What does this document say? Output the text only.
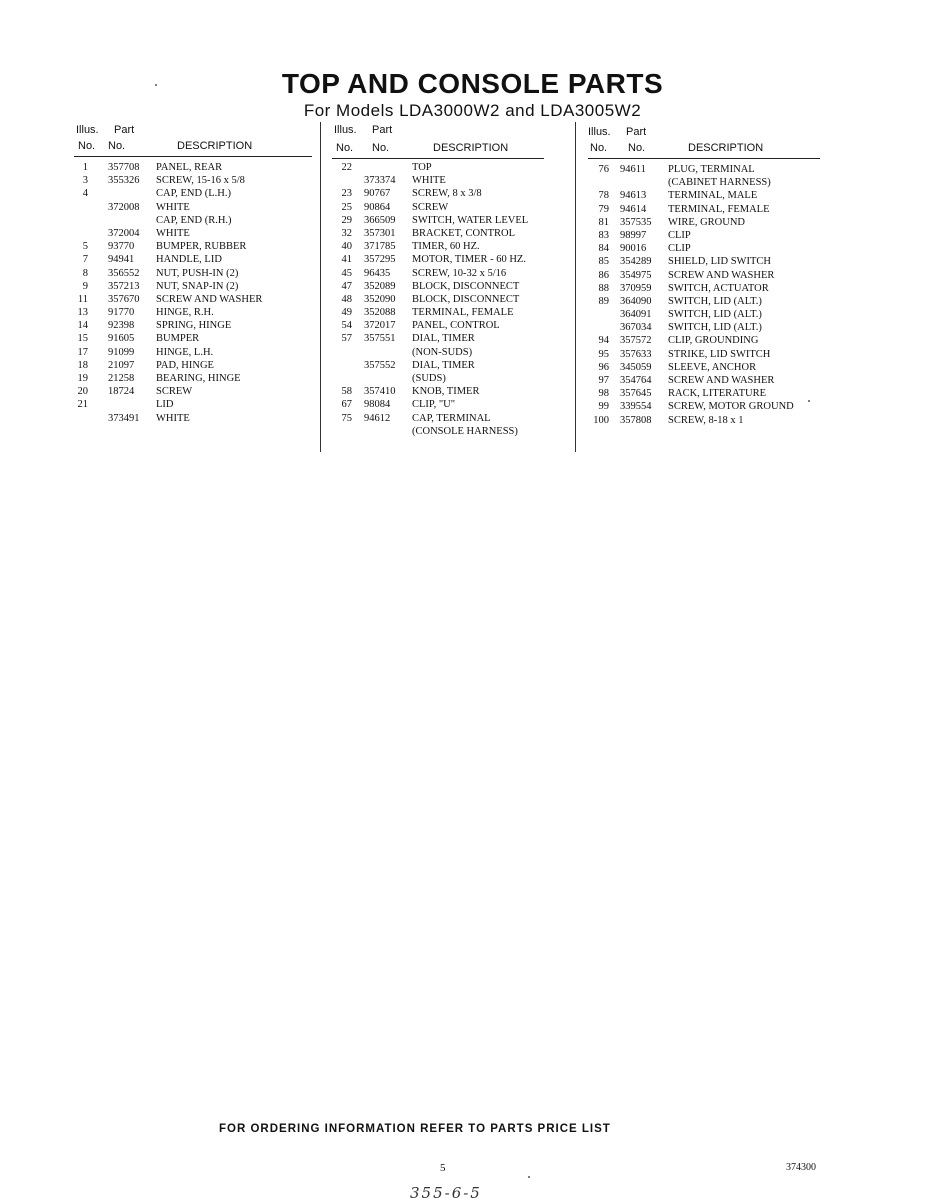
TOP AND CONSOLE PARTS
For Models LDA3000W2 and LDA3005W2
Illus. Part
No. No.	DESCRIPTION
1 357708 PANEL, REAR
3 355326 SCREW, 15-16 x 5/8
4	CAP, END (L.H.)
372008 WHITE
CAP, END (R.H.)
372004 WHITE
5 93770 BUMPER, RUBBER
7 94941 HANDLE, LID
8 356552 NUT, PUSH-IN (2)
9 357213 NUT, SNAP-IN (2)
11 357670 SCREW AND WASHER
13 91770 HINGE, R.H.
14 92398 SPRING, HINGE
15 91605 BUMPER
17 91099 HINGE, L.H.
18 21097 PAD, HINGE
19 21258 BEARING, HINGE
20 18724 SCREW
21	LID
373491 WHITE
Illus. Part
No. No.	DESCRIPTION
22	TOP
373374 WHITE
23 90767 SCREW, 8 x 3/8
25 90864 SCREW
29 366509 SWITCH, WATER LEVEL
32 357301 BRACKET, CONTROL
40 371785 TIMER, 60 HZ.
41 357295 MOTOR, TIMER - 60 HZ.
45 96435 SCREW, 10-32 x 5/16
47 352089 BLOCK, DISCONNECT
48 352090 BLOCK, DISCONNECT
49 352088 TERMINAL, FEMALE
54 372017 PANEL, CONTROL
57 357551 DIAL, TIMER
(NON-SUDS)
357552 DIAL, TIMER
(SUDS)
58 357410 KNOB, TIMER
67 98084 CLIP, "U"
75 94612 CAP, TERMINAL
(CONSOLE HARNESS)
Illus. Part
No. No.	DESCRIPTION
76 94611 PLUG, TERMINAL
(CABINET HARNESS)
78 94613 TERMINAL, MALE
79 94614 TERMINAL, FEMALE
81 357535 WIRE, GROUND
83 98997 CLIP
84 90016 CLIP
85 354289 SHIELD, LID SWITCH
86 354975 SCREW AND WASHER
88 370959 SWITCH, ACTUATOR
89 364090 SWITCH, LID (ALT.)
364091 SWITCH, LID (ALT.)
367034 SWITCH, LID (ALT.)
94 357572 CLIP, GROUNDING
95 357633 STRIKE, LID SWITCH
96 345059 SLEEVE, ANCHOR
97 354764 SCREW AND WASHER
98 357645 RACK, LITERATURE
99 339554 SCREW, MOTOR GROUND
100 357808 SCREW, 8-18 x 1
FOR ORDERING INFORMATION REFER TO PARTS PRICE LIST
5	374300
355-6-5
